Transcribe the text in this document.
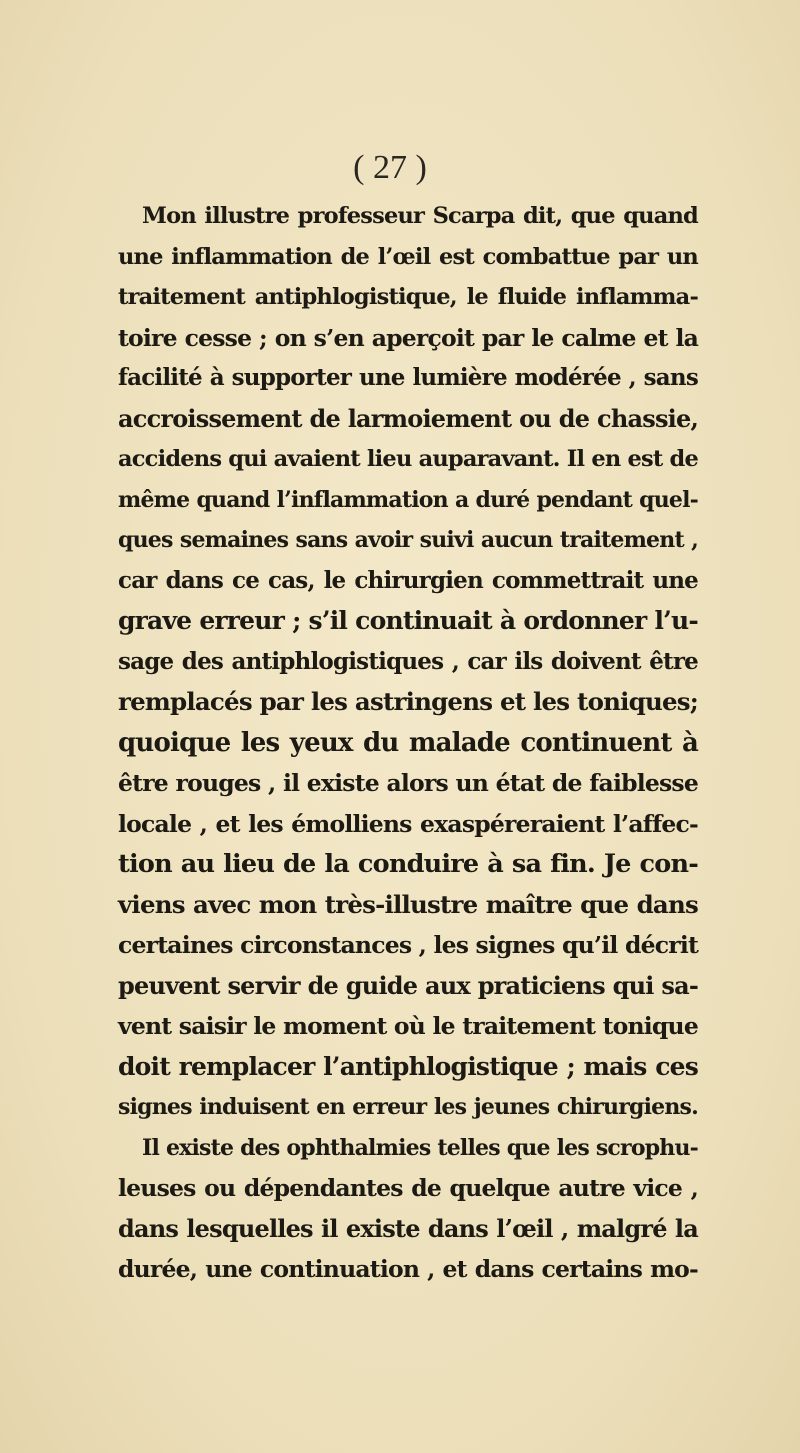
( 27 )
Mon illustre professeur Scarpa dit, que quand
une inflammation de l’œil est combattue par un
traitement antiphlogistique, le fluide inflamma-
toire cesse ; on s’en aperçoit par le calme et la
facilité à supporter une lumière modérée , sans
accroissement de larmoiement ou de chassie,
accidens qui avaient lieu auparavant. Il en est de
même quand l’inflammation a duré pendant quel-
ques semaines sans avoir suivi aucun traitement ,
car dans ce cas, le chirurgien commettrait une
grave erreur ; s’il continuait à ordonner l’u-
sage des antiphlogistiques , car ils doivent être
remplacés par les astringens et les toniques;
quoique les yeux du malade continuent à
être rouges , il existe alors un état de faiblesse
locale , et les émolliens exaspéreraient l’affec-
tion au lieu de la conduire à sa fin. Je con-
viens avec mon très-illustre maître que dans
certaines circonstances , les signes qu’il décrit
peuvent servir de guide aux praticiens qui sa-
vent saisir le moment où le traitement tonique
doit remplacer l’antiphlogistique ; mais ces
signes induisent en erreur les jeunes chirurgiens.
Il existe des ophthalmies telles que les scrophu-
leuses ou dépendantes de quelque autre vice ,
dans lesquelles il existe dans l’œil , malgré la
durée, une continuation , et dans certains mo-
